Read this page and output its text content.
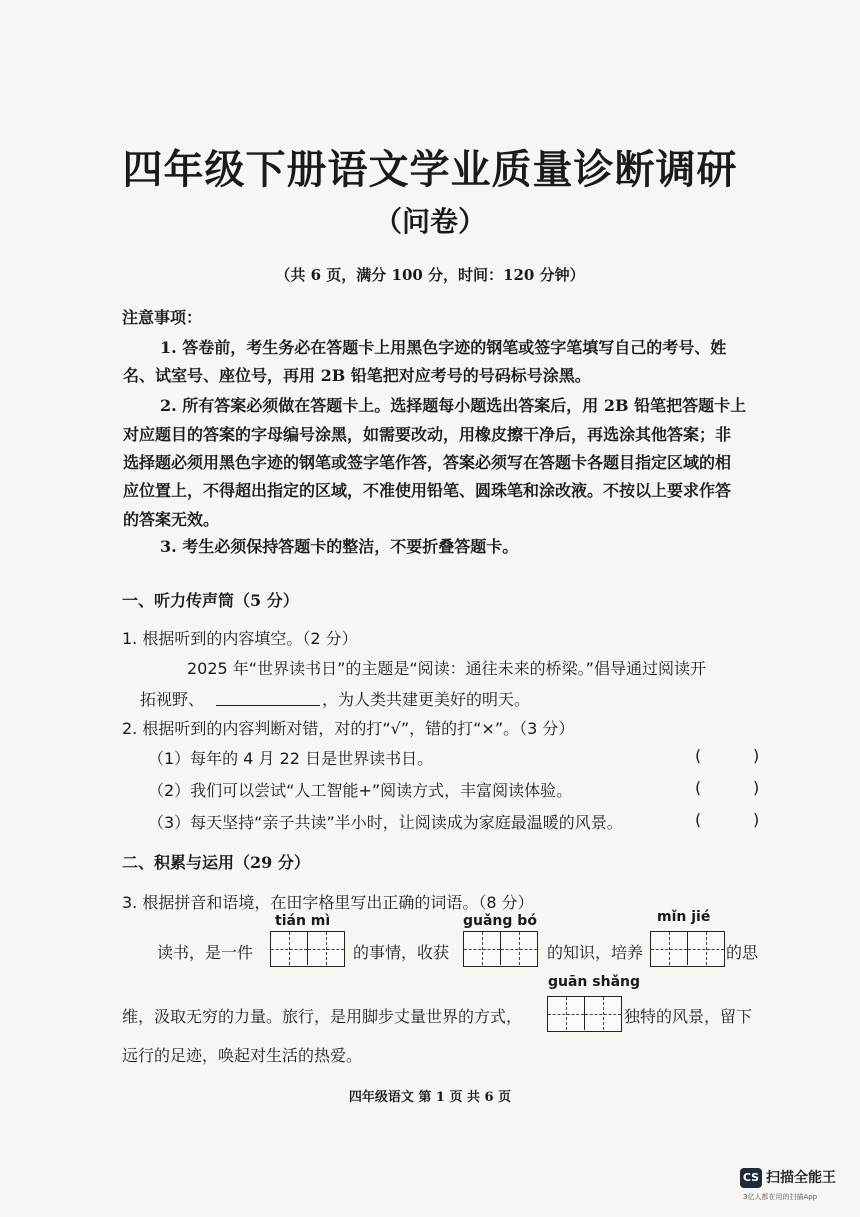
四年级下册语文学业质量诊断调研
（问卷）
（共 6 页，满分 100 分，时间：120 分钟）
注意事项：
1. 答卷前，考生务必在答题卡上用黑色字迹的钢笔或签字笔填写自己的考号、姓
名、试室号、座位号，再用 2B 铅笔把对应考号的号码标号涂黑。
2. 所有答案必须做在答题卡上。选择题每小题选出答案后，用 2B 铅笔把答题卡上
对应题目的答案的字母编号涂黑，如需要改动，用橡皮擦干净后，再选涂其他答案；非
选择题必须用黑色字迹的钢笔或签字笔作答，答案必须写在答题卡各题目指定区域的相
应位置上，不得超出指定的区域，不准使用铅笔、圆珠笔和涂改液。不按以上要求作答
的答案无效。
3. 考生必须保持答题卡的整洁，不要折叠答题卡。
一、听力传声筒（5 分）
1. 根据听到的内容填空。（2 分）
2025 年“世界读书日”的主题是“阅读：通往未来的桥梁。”倡导通过阅读开
拓视野、	，为人类共建更美好的明天。
2. 根据听到的内容判断对错，对的打“√”，错的打“×”。（3 分）
（1）每年的 4 月 22 日是世界读书日。	(	)
（2）我们可以尝试“人工智能+”阅读方式，丰富阅读体验。	(	)
（3）每天坚持“亲子共读”半小时，让阅读成为家庭最温暖的风景。	(	)
二、积累与运用（29 分）
3. 根据拼音和语境，在田字格里写出正确的词语。（8 分）
tián mì	guǎng bó	mǐn jié
读书，是一件	的事情，收获	的知识，培养	的思
guān shǎng
维，汲取无穷的力量。旅行，是用脚步丈量世界的方式，	独特的风景，留下
远行的足迹，唤起对生活的热爱。
四年级语文 第 1 页 共 6 页
CS 扫描全能王
3亿人都在用的扫描App
